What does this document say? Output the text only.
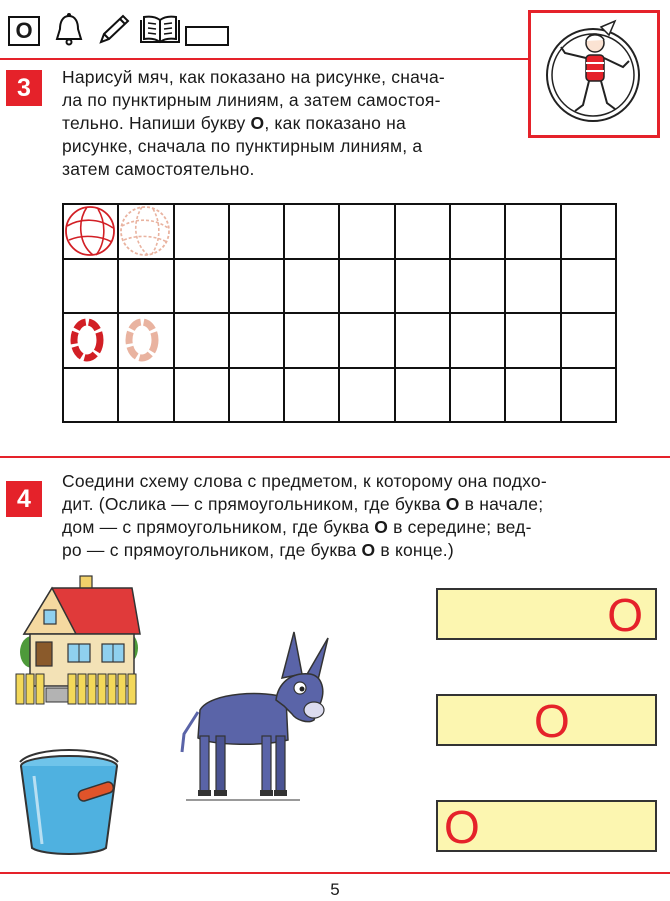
О
3 Нарисуй мяч, как показано на рисунке, снача-
ла по пунктирным линиям, а затем самостоя-
тельно. Напиши букву О, как показано на
рисунке, сначала по пунктирным линиям, а
затем самостоятельно.
4
Соедини схему слова с предметом, к которому она подхо-
дит. (Ослика — с прямоугольником, где буква О в начале;
дом — с прямоугольником, где буква О в середине; вед-
ро — с прямоугольником, где буква О в конце.)
О
О
О
5
